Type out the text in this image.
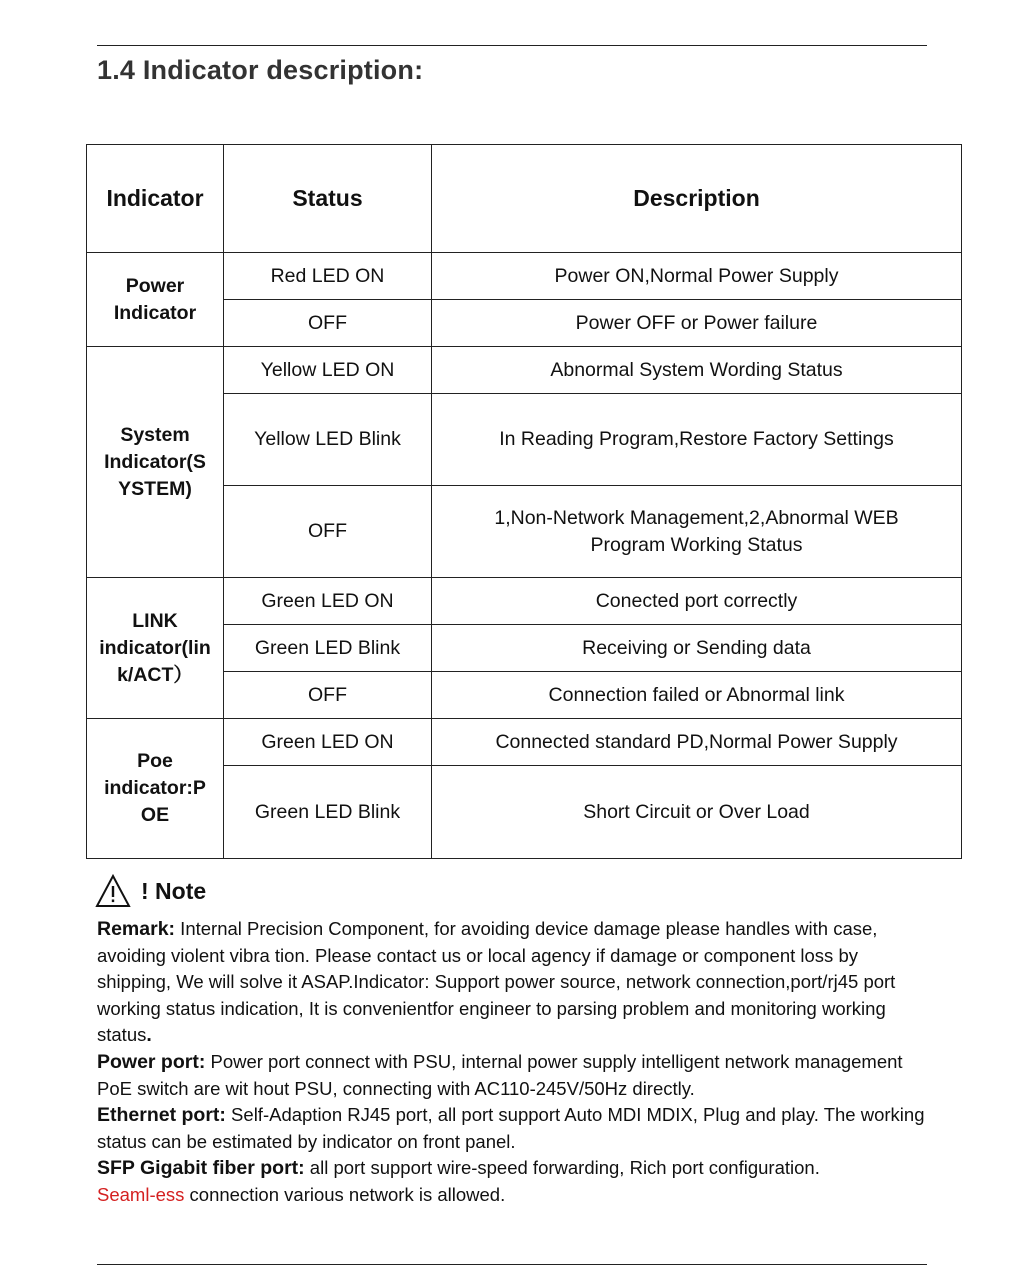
1.4 Indicator description:
Indicator	Status	Description

Power
Indicator	Red LED ON	Power ON,Normal Power Supply
	OFF	Power OFF or Power failure

System
Indicator(S
YSTEM)	Yellow LED ON	Abnormal System Wording Status
	Yellow LED Blink	In Reading Program,Restore Factory Settings
	OFF	1,Non-Network Management,2,Abnormal WEB
Program Working Status

LINK
indicator(lin
k/ACT）	Green LED ON	Conected port correctly
	Green LED Blink	Receiving or Sending data
	OFF	Connection failed or Abnormal link

Poe
indicator:P
OE	Green LED ON	Connected standard PD,Normal Power Supply
	Green LED Blink	Short Circuit or Over Load
! Note

Remark: Internal Precision Component, for avoiding device damage please handles with case, avoiding violent vibra tion. Please contact us or local agency if damage or component loss by shipping, We will solve it ASAP.Indicator: Support power source, network connection,port/rj45 port working status indication, It is convenientfor engineer to parsing problem and monitoring working status.

Power port: Power port connect with PSU, internal power supply intelligent network management PoE switch are wit hout PSU, connecting with AC110-245V/50Hz directly.

Ethernet port: Self-Adaption RJ45 port, all port support Auto MDI MDIX, Plug and play. The working status can be estimated by indicator on front panel.

SFP Gigabit fiber port: all port support wire-speed forwarding, Rich port configuration.
Seaml-ess connection various network is allowed.
